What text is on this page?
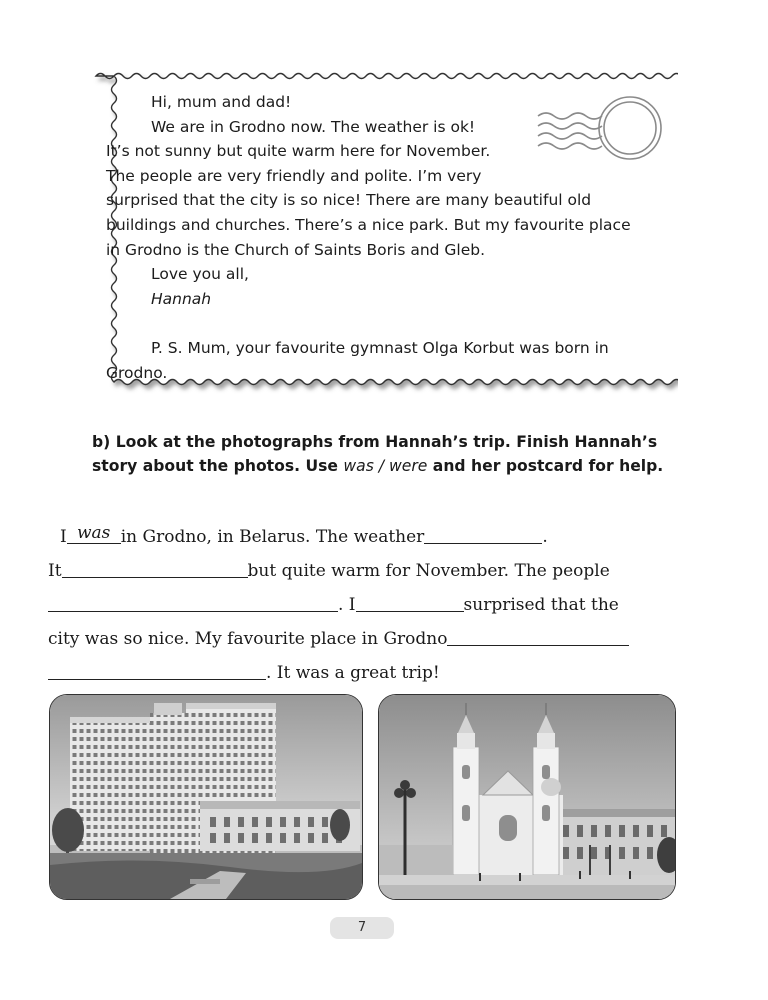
Hi, mum and dad!

We are in Grodno now. The weather is ok!

It’s not sunny but quite warm here for November.

The people are very friendly and polite. I’m very

surprised that the city is so nice! There are many beautiful old

buildings and churches. There’s a nice park. But my favourite place

in Grodno is the Church of Saints Boris and Gleb.

Love you all,

Hannah

P. S. Mum, your favourite gymnast Olga Korbut was born in

Grodno.

b) Look at the photographs from Hannah’s trip. Finish Hannah’s story about the photos. Use was / were and her postcard for help.
I was in Grodno, in Belarus. The weather	.
It	but quite warm for November. The people
. I	surprised that the
city was so nice. My favourite place in Grodno
. It was a great trip!
7
